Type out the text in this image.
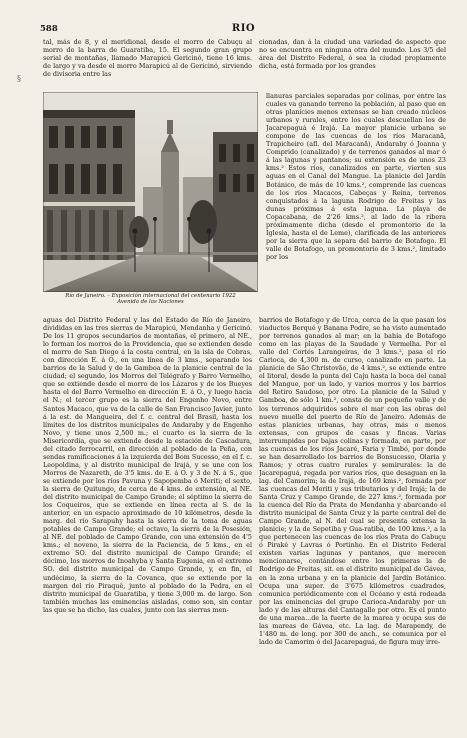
588	RIO
§

tal, más de 8, y el meridional, desde el morro de Cabuçu al morro de la barra de Guaratiba, 15. El segundo gran grupo serial de montañas, llamado Marapicú Gericinó, tiene 16 kms. de largo y va desde el morro Marapicú al de Gericinó, sirviendo de divisoria entre las

cionadas, dan á la ciudad una variedad de aspecto que no se encuentra en ninguna otra del mundo. Los 3/5 del área del Distrito Federal, ó sea la ciudad propiamente dicha, está formada por los grandes

Río de Janeiro. – Exposición internacional del centenario 1922
Avenida de las Naciones

llanuras parciales separadas por colinas, por entre las cuales va ganando terreno la población, al paso que en otras planicies menos extensas se han creado núcleos urbanos y rurales, entre los cuales descuellan los de Jacarepaguá é Irajá. La mayor planicie urbana se compone de las cuencas de los ríos Maracanã, Trapicheiro (afl. del Maracanã), Andaraby ó Joanna y Comprido (canalizado) y de terrenos ganados al mar ó á las lagunas y pantanos; su extensión es de unos 23 kms.² Estos ríos, canalizados en parte, vierten sus aguas en el Canal del Mangue. La planicie del Jardín Botánico, de más de 10 kms.², comprende las cuencas de los ríos Macacos, Cabeças y Reina, terrenos conquistados á la laguna Rodrigo de Freitas y las dunas próximas á esta laguna. La playa de Copacabana, de 2'26 kms.², al lado de la ribera próximamente dicha (desde el promontorio de la Iglesia, hasta el de Leme), clarificada de las anteriores por la sierra que la separa del barrio de Botafogo. El valle de Botafogo, un promontorio de 3 kms.², limitado por los

aguas del Distrito Federal y las del Estado de Río de Janeiro, divididas en las tres sierras de Marapicú, Mendanha y Gericinó. De los 11 grupos secundarios de montañas, el primero, al NE., lo forman los morros de la Providencia, que se extienden desde el morro de San Diego á la costa central, en la isla de Cobras, con dirección E. á O., en una línea de 3 kms., separando los barrios de la Salud y de la Gamboa de la planicie central de la ciudad; el segundo, los Morros del Telégrafo y Barro Vermelho, que se extiende desde el morro de los Lázaros y de los Bueyes hasta el del Barro Vermelho en dirección E. á O., y luego hacia el N.; el tercer grupo es la sierra del Engenho Novo, entre Santos Macaco, que va de la calle de San Francisco Javier, junto á la est. de Mangueira, del f. c. central del Brasil, hasta los límites de los distritos municipales de Andaraby y de Engenho Novo, y tiene unos 2,500 m.; el cuarto es la sierra de la Misericordia, que se extiende desde la estación de Cascadura, del citado ferrocarril, en dirección al poblado de la Peña, con sendas ramificaciones á la izquierda del Bom Sucesso, en el f. c. Leopoldina, y al distrito municipal de Irajá, y se une con los Morros de Nazareth, de 3'5 kms. de E. á O. y 3 de N. á S., que se extiende por los ríos Pavuna y Sapopemba ó Meriti; el sexto, la sierra de Quitungo, de cerca de 4 kms. de extensión, al NE. del distrito municipal de Campo Grande; el séptimo la sierra de los Coqueiros, que se extiende en línea recta al S. de la anterior, en un espacio aproximado de 10 kilómetros, desde la marg. del río Sarapuhy hasta la sierra de la toma de aguas potables de Campo Grande; el octavo, la sierra de la Posesión, al NE. del poblado de Campo Grande, con una extensión de 4'5 kms.; el noveno, la sierra de la Paciencia, de 5 kms., en el extremo SO. del distrito municipal de Campo Grande; el décimo, los morros de Inoahyba y Santa Eugenia, en el extremo SO. del distrito municipal de Campo Grande, y, en fin, el undécimo, la sierra de la Covanca, que se extiende por la margen del río Piraquê, junto al poblado de la Pedra, en el distrito municipal de Guaratiba, y tiene 3,000 m. de largo. Son también muchas las eminencias aisladas, como son, sin contar las que se ha dicho, las cuales, junto con las sierras men-

barrios de Botafogo y de Urca, cerca de la que pasan los viaductos Berqué y Banana Podre, se ha visto aumentado por terrenos ganados al mar; en la bahía de Botafogo como en las playas de la Saudade y Vermelha. Por el valle del Cortés Larangeiras, de 3 kms.², pasa el río Carioca, de 4,300 m. de curso, canalizado en parte. La planicie de São Christovão, de 4 kms.², se extiende entre el litoral, desde la punta del Caju hasta la boca del canal del Mangue, por un lado, y varios morros y los barrios del Retiro Saudoso, por otro. La planicie de la Salud y Gamboa, de sólo 1 km.², consta de un pequeño valle y de los terrenos adquiridos sobre el mar con las obras del nuevo muelle del puerto de Río de Janeiro. Además de estas planicies urbanas, hay otras, más o menos extensas, con grupos de casas y fincas. Varias interrumpidas por bajas colinas y formada, en parte, por las cuencas de los ríos Jacaré, Faria y Timbó, por donde se han desarrollado los barrios de Bonsucesso, Olaria y Ramos; y otras cuatro rurales y semirurales: la de Jacarepaguá, regada por varios ríos, que desaguan en la lag. del Camorim; la de Irajá, de 169 kms.², formada por las cuencas del Meriti y sus tributarios y del Irajá; la de Santa Cruz y Campo Grande, de 227 kms.², formada por la cuenca del Río da Prata do Mendanha y abarcando el distrito municipal de Santa Cruz y la parte central del de Campo Grande, al N. del cual se presenta extensa la planicie; y la de Sepetiba y Gua-ratiba, de 100 kms.², a la que pertenecen las cuencas de los ríos Prata do Cabuçu ó Piraké y Lavras ó Portinho. En el Distrito Federal existen varias lagunas y pantanos, que merecen mencionarse, contándose entre los primeras la de Rodrigo de Freitas, sit. en el distrito municipal de Gávea, en la zona urbana y en la planicie del Jardín Botánico. Ocupa una super. de 3'675 kilómetros cuadrados, comunica periódicamente con el Océano y está rodeada por las eminencias del grupo Carioca-Andaraby por un lado y de las alturas del Cantagallo por otro. Es el punto de una marea...de la fuerte de la marea y ocupa sus de las mareas de Gávea, etc. La lag. de Marapendy, de 1'480 m. de long. por 300 de anch., se comunica por el lado de Camorim ó del Jacarepaguá, de figura muy irre-
